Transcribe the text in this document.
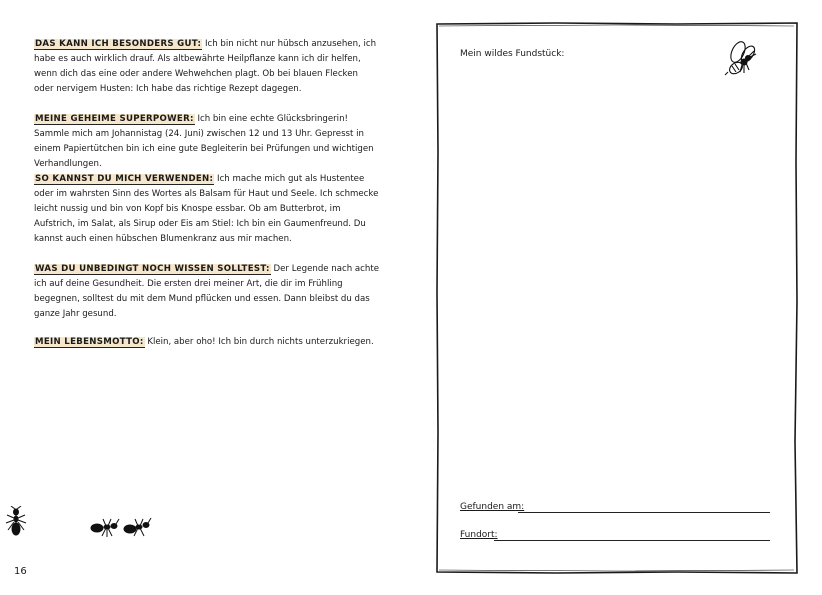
DAS KANN ICH BESONDERS GUT: Ich bin nicht nur hübsch anzusehen, ich habe es auch wirklich drauf. Als altbewährte Heilpflanze kann ich dir helfen, wenn dich das eine oder andere Wehwehchen plagt. Ob bei blauen Flecken oder nervigem Husten: Ich habe das richtige Rezept dagegen.
MEINE GEHEIME SUPERPOWER: Ich bin eine echte Glücksbringerin! Sammle mich am Johannistag (24. Juni) zwischen 12 und 13 Uhr. Gepresst in einem Papiertütchen bin ich eine gute Begleiterin bei Prüfungen und wichtigen Verhandlungen.
SO KANNST DU MICH VERWENDEN: Ich mache mich gut als Hustentee oder im wahrsten Sinn des Wortes als Balsam für Haut und Seele. Ich schmecke leicht nussig und bin von Kopf bis Knospe essbar. Ob am Butterbrot, im Aufstrich, im Salat, als Sirup oder Eis am Stiel: Ich bin ein Gaumenfreund. Du kannst auch einen hübschen Blumenkranz aus mir machen.
WAS DU UNBEDINGT NOCH WISSEN SOLLTEST: Der Legende nach achte ich auf deine Gesundheit. Die ersten drei meiner Art, die dir im Frühling begegnen, solltest du mit dem Mund pflücken und essen. Dann bleibst du das ganze Jahr gesund.
MEIN LEBENSMOTTO: Klein, aber oho! Ich bin durch nichts unterzukriegen.
16
Mein wildes Fundstück:
Gefunden am:
Fundort:
